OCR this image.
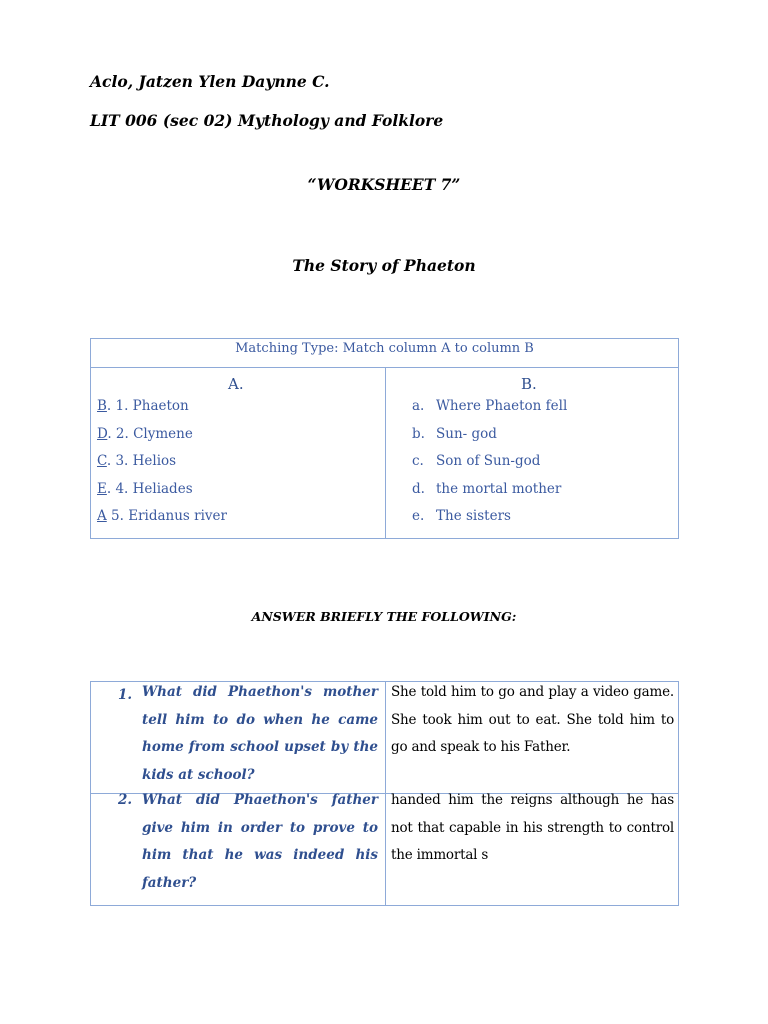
Aclo, Jatzen Ylen Daynne C.
LIT 006 (sec 02) Mythology and Folklore
“WORKSHEET 7”
The Story of Phaeton
Matching Type: Match column A to column B
A.	B.
B. 1. Phaeton
D. 2. Clymene
C. 3. Helios
E. 4. Heliades
A 5. Eridanus river
a. Where Phaeton fell
b. Sun- god
c. Son of Sun-god
d. the mortal mother
e. The sisters
ANSWER BRIEFLY THE FOLLOWING:
1. What did Phaethon's mother tell him to do when he came home from school upset by the kids at school?
She told him to go and play a video game. She took him out to eat. She told him to go and speak to his Father.
2. What did Phaethon's father give him in order to prove to him that he was indeed his father?
handed him the reigns although he has not that capable in his strength to control the immortal s
